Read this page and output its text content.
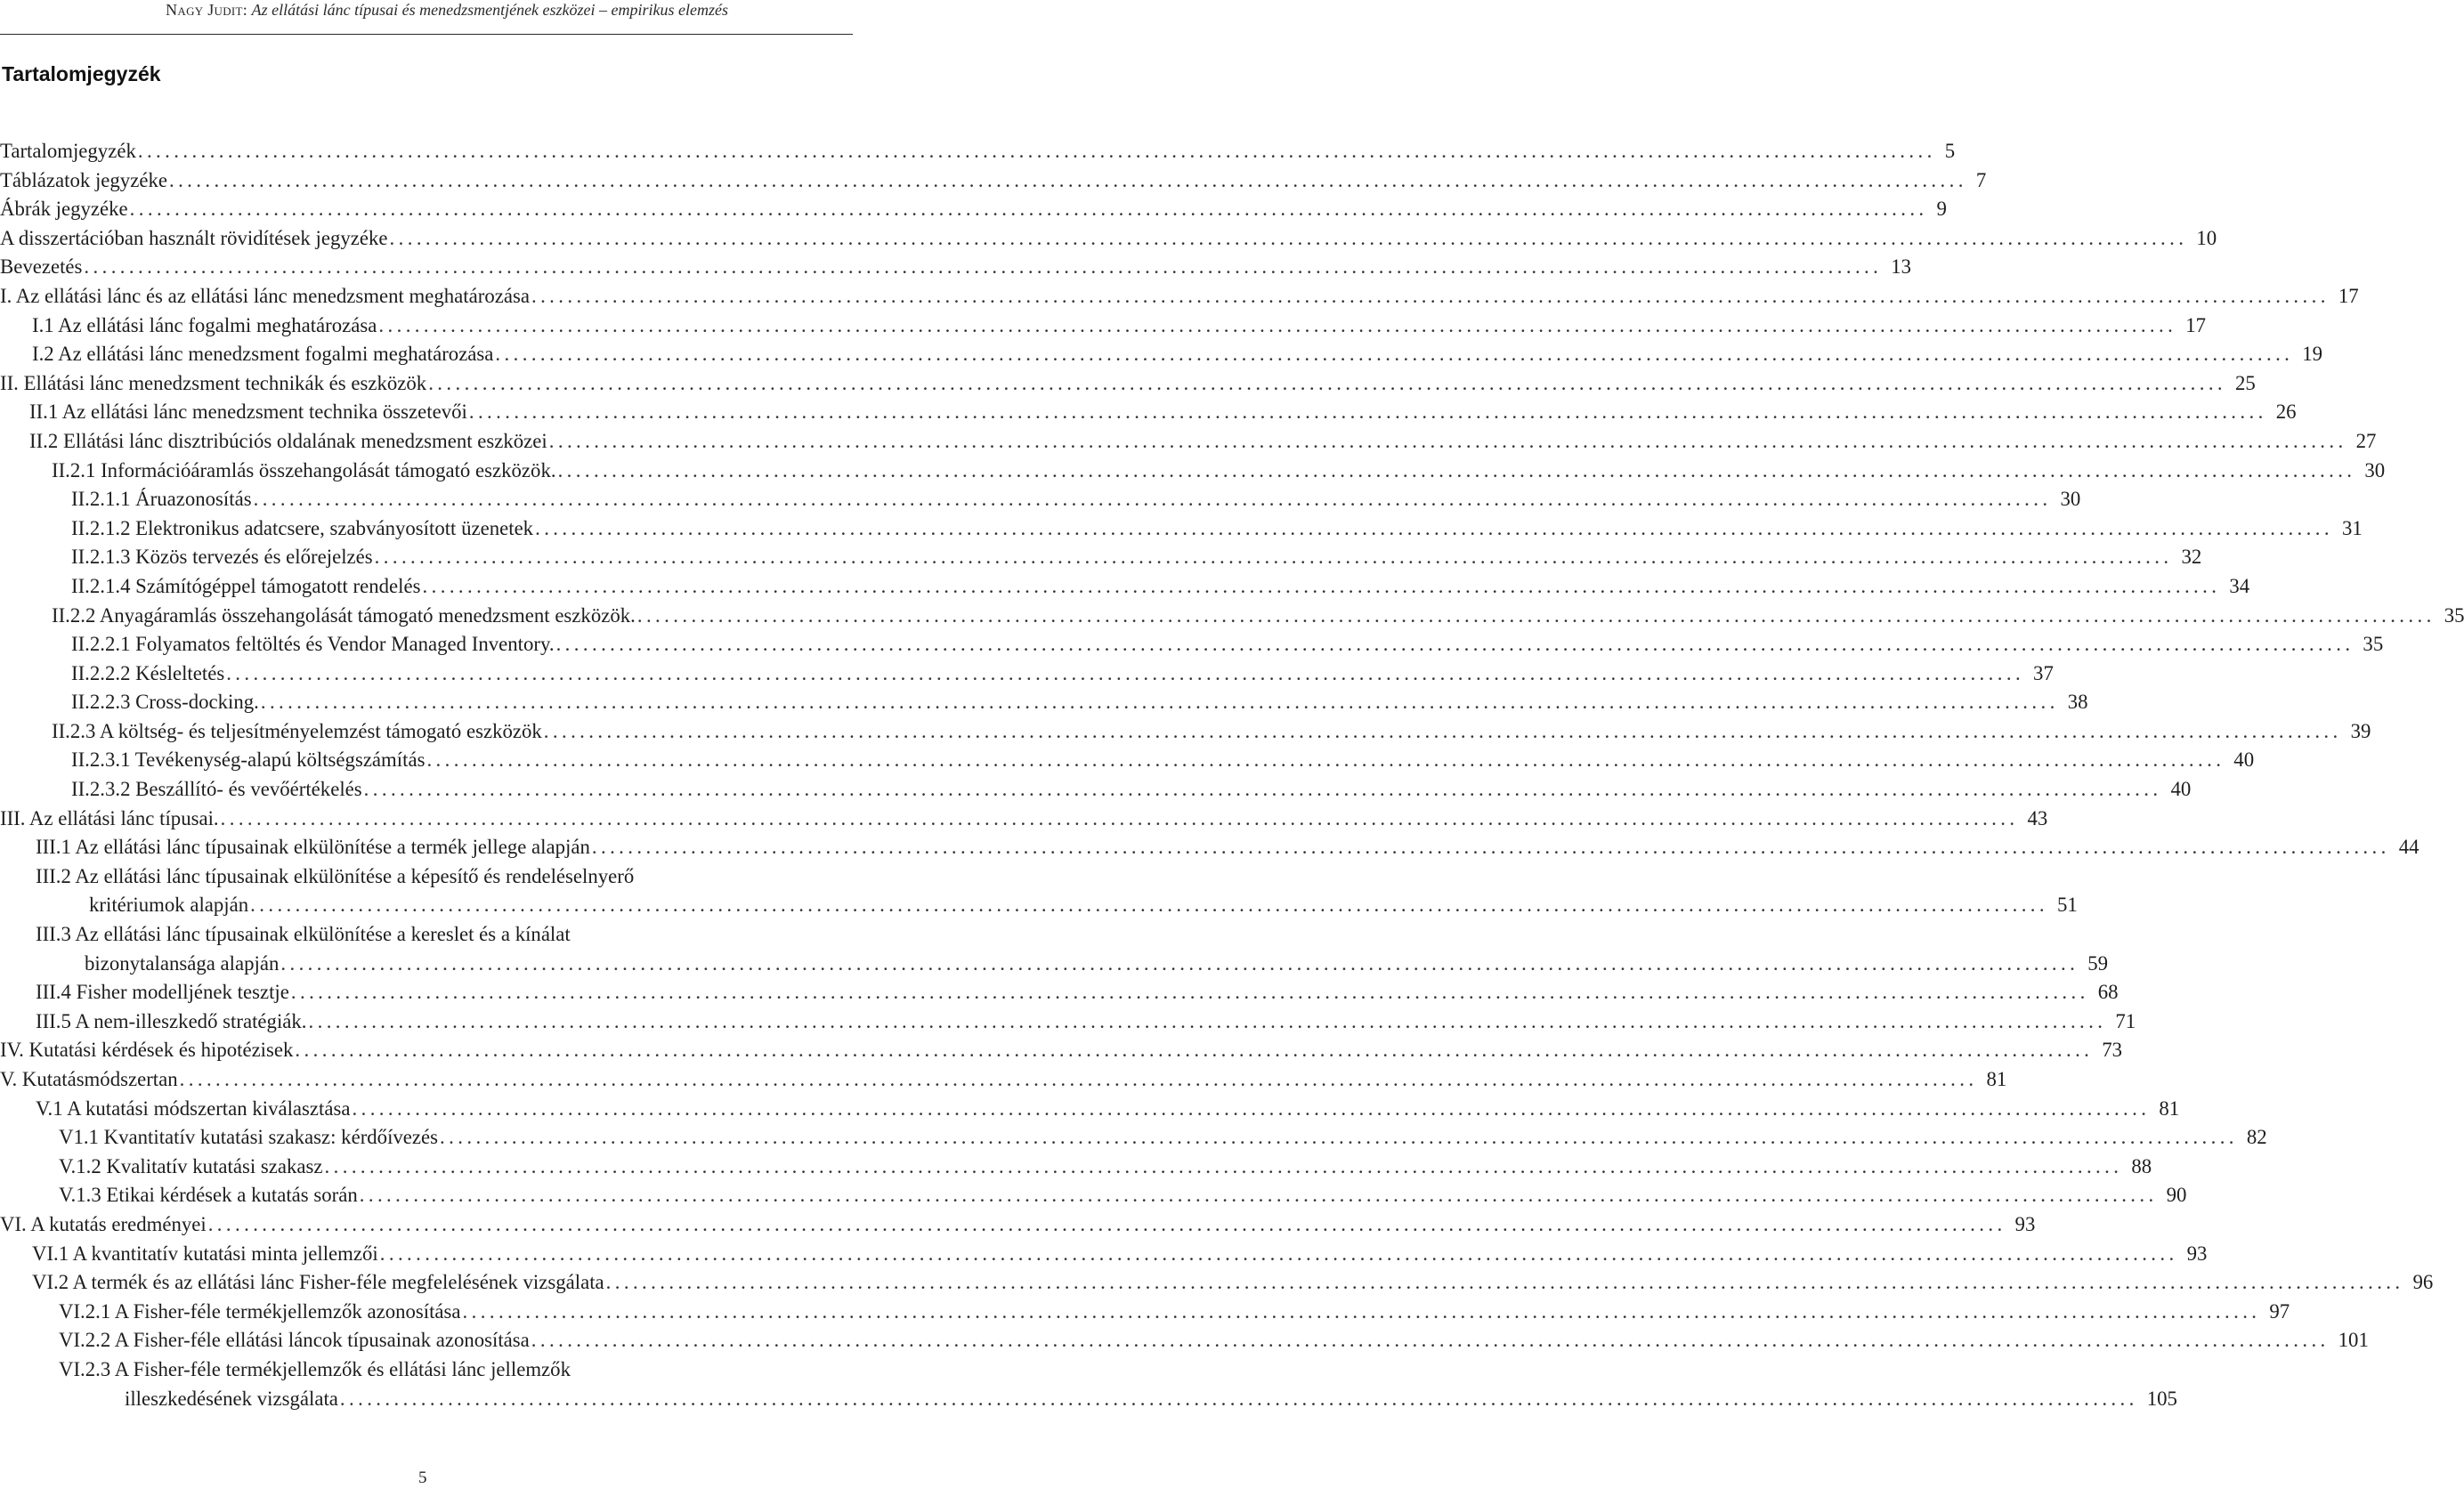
Nagy Judit: Az ellátási lánc típusai és menedzsmentjének eszközei – empirikus elemzés
Tartalomjegyzék
Tartalomjegyzék ........................................................................................................................................................................................................ 5
Táblázatok jegyzéke ........................................................................................................................................................................................................ 7
Ábrák jegyzéke ........................................................................................................................................................................................................ 9
A disszertációban használt rövidítések jegyzéke ........................................................................................................................................................................................................ 10
Bevezetés ........................................................................................................................................................................................................ 13
I. Az ellátási lánc és az ellátási lánc menedzsment meghatározása ........................................................................................................................................................................................................ 17
I.1 Az ellátási lánc fogalmi meghatározása ........................................................................................................................................................................................................ 17
I.2 Az ellátási lánc menedzsment fogalmi meghatározása ........................................................................................................................................................................................................ 19
II. Ellátási lánc menedzsment technikák és eszközök ........................................................................................................................................................................................................ 25
II.1 Az ellátási lánc menedzsment technika összetevői ........................................................................................................................................................................................................ 26
II.2 Ellátási lánc disztribúciós oldalának menedzsment eszközei ........................................................................................................................................................................................................ 27
II.2.1 Információáramlás összehangolását támogató eszközök. ........................................................................................................................................................................................................ 30
II.2.1.1 Áruazonosítás ........................................................................................................................................................................................................ 30
II.2.1.2 Elektronikus adatcsere, szabványosított üzenetek ........................................................................................................................................................................................................ 31
II.2.1.3 Közös tervezés és előrejelzés ........................................................................................................................................................................................................ 32
II.2.1.4 Számítógéppel támogatott rendelés ........................................................................................................................................................................................................ 34
II.2.2 Anyagáramlás összehangolását támogató menedzsment eszközök. ........................................................................................................................................................................................................ 35
II.2.2.1 Folyamatos feltöltés és Vendor Managed Inventory. ........................................................................................................................................................................................................ 35
II.2.2.2 Késleltetés ........................................................................................................................................................................................................ 37
II.2.2.3 Cross-docking. ........................................................................................................................................................................................................ 38
II.2.3 A költség- és teljesítményelemzést támogató eszközök ........................................................................................................................................................................................................ 39
II.2.3.1 Tevékenység-alapú költségszámítás ........................................................................................................................................................................................................ 40
II.2.3.2 Beszállító- és vevőértékelés ........................................................................................................................................................................................................ 40
III. Az ellátási lánc típusai. ........................................................................................................................................................................................................ 43
III.1 Az ellátási lánc típusainak elkülönítése a termék jellege alapján ........................................................................................................................................................................................................ 44
III.2 Az ellátási lánc típusainak elkülönítése a képesítő és rendeléselnyerő
kritériumok alapján ........................................................................................................................................................................................................ 51
III.3 Az ellátási lánc típusainak elkülönítése a kereslet és a kínálat
bizonytalansága alapján ........................................................................................................................................................................................................ 59
III.4 Fisher modelljének tesztje ........................................................................................................................................................................................................ 68
III.5 A nem-illeszkedő stratégiák. ........................................................................................................................................................................................................ 71
IV. Kutatási kérdések és hipotézisek ........................................................................................................................................................................................................ 73
V. Kutatásmódszertan ........................................................................................................................................................................................................ 81
V.1 A kutatási módszertan kiválasztása ........................................................................................................................................................................................................ 81
V1.1 Kvantitatív kutatási szakasz: kérdőívezés ........................................................................................................................................................................................................ 82
V.1.2 Kvalitatív kutatási szakasz ........................................................................................................................................................................................................ 88
V.1.3 Etikai kérdések a kutatás során ........................................................................................................................................................................................................ 90
VI. A kutatás eredményei ........................................................................................................................................................................................................ 93
VI.1 A kvantitatív kutatási minta jellemzői ........................................................................................................................................................................................................ 93
VI.2 A termék és az ellátási lánc Fisher-féle megfelelésének vizsgálata ........................................................................................................................................................................................................ 96
VI.2.1 A Fisher-féle termékjellemzők azonosítása ........................................................................................................................................................................................................ 97
VI.2.2 A Fisher-féle ellátási láncok típusainak azonosítása ........................................................................................................................................................................................................ 101
VI.2.3 A Fisher-féle termékjellemzők és ellátási lánc jellemzők
illeszkedésének vizsgálata ........................................................................................................................................................................................................ 105
5
